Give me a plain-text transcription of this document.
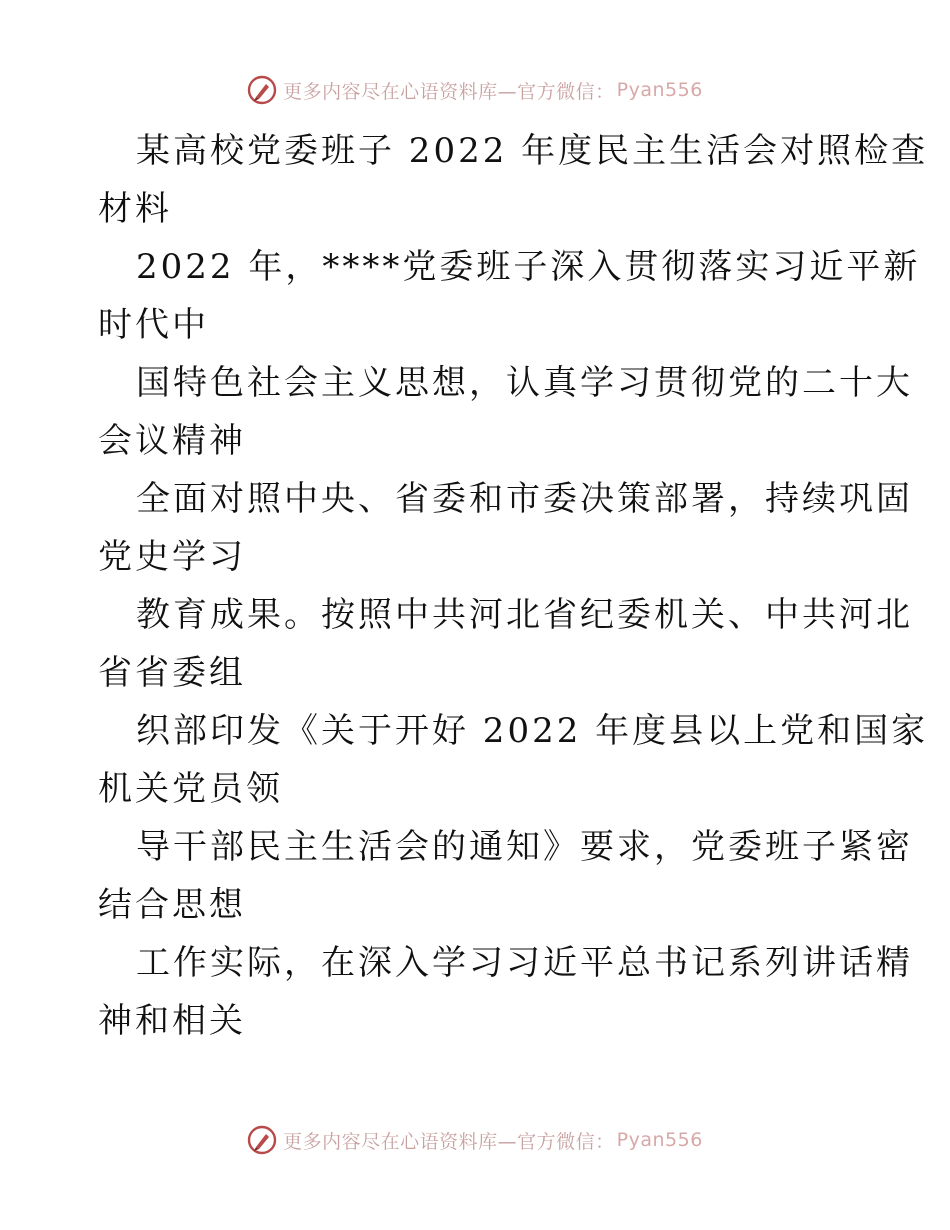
更多内容尽在心语资料库—官方微信： Pyan556
某高校党委班子 2022 年度民主生活会对照检查
材料
2022 年，****党委班子深入贯彻落实习近平新
时代中
国特色社会主义思想，认真学习贯彻党的二十大
会议精神
全面对照中央、省委和市委决策部署，持续巩固
党史学习
教育成果。按照中共河北省纪委机关、中共河北
省省委组
织部印发《关于开好 2022 年度县以上党和国家
机关党员领
导干部民主生活会的通知》要求，党委班子紧密
结合思想
工作实际，在深入学习习近平总书记系列讲话精
神和相关
更多内容尽在心语资料库—官方微信： Pyan556
